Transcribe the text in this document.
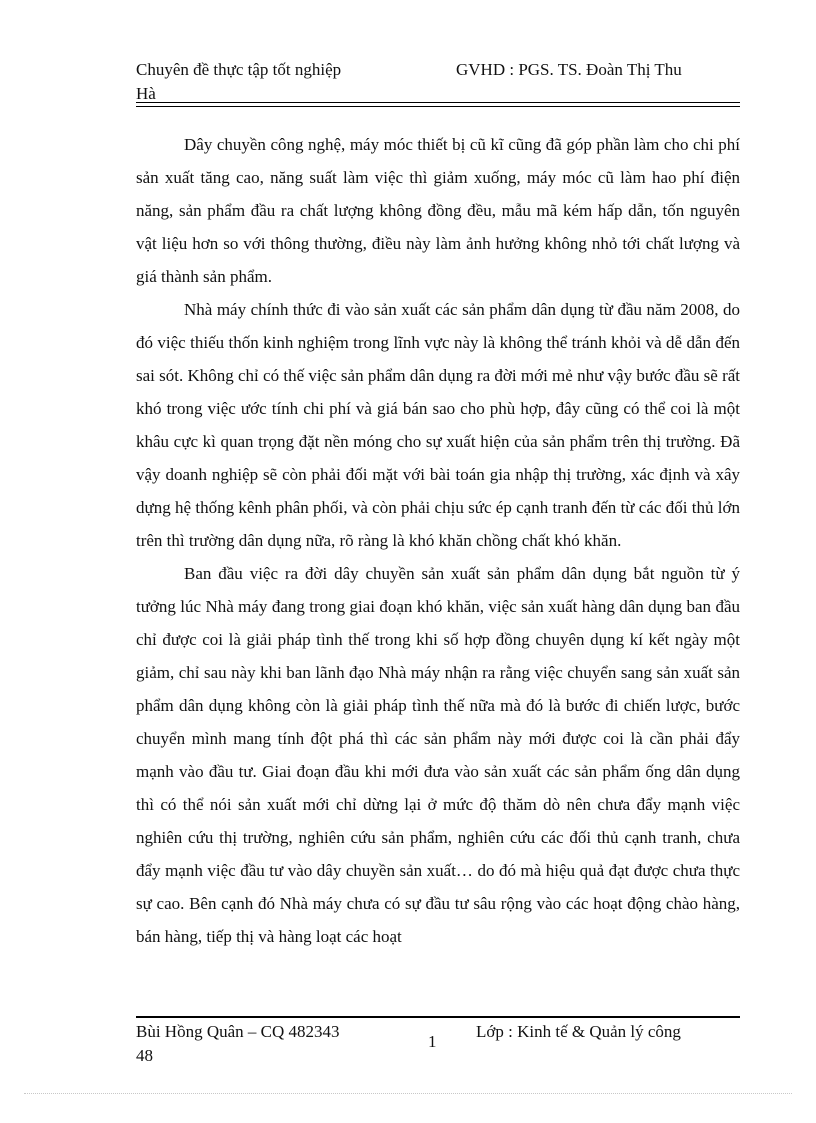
Chuyên đề thực tập tốt nghiệp	GVHD : PGS. TS. Đoàn Thị Thu
Hà

Dây chuyền công nghệ, máy móc thiết bị cũ kĩ cũng đã góp phần làm cho chi phí sản xuất tăng cao, năng suất làm việc thì giảm xuống, máy móc cũ làm hao phí điện năng, sản phẩm đầu ra chất lượng không đồng đều, mẫu mã kém hấp dẫn, tốn nguyên vật liệu hơn so với thông thường, điều này làm ảnh hưởng không nhỏ tới chất lượng và giá thành sản phẩm.

Nhà máy chính thức đi vào sản xuất các sản phẩm dân dụng từ đầu năm 2008, do đó việc thiếu thốn kinh nghiệm trong lĩnh vực này là không thể tránh khỏi và dễ dẫn đến sai sót. Không chỉ có thế việc sản phẩm dân dụng ra đời mới mẻ như vậy bước đầu sẽ rất khó trong việc ước tính chi phí và giá bán sao cho phù hợp, đây cũng có thể coi là một khâu cực kì quan trọng đặt nền móng cho sự xuất hiện của sản phẩm trên thị trường. Đã vậy doanh nghiệp sẽ còn phải đối mặt với bài toán gia nhập thị trường, xác định và xây dựng hệ thống kênh phân phối, và còn phải chịu sức ép cạnh tranh đến từ các đối thủ lớn trên thì trường dân dụng nữa, rõ ràng là khó khăn chồng chất khó khăn.

Ban đầu việc ra đời dây chuyền sản xuất sản phẩm dân dụng bắt nguồn từ ý tưởng lúc Nhà máy đang trong giai đoạn khó khăn, việc sản xuất hàng dân dụng ban đầu chỉ được coi là giải pháp tình thế trong khi số hợp đồng chuyên dụng kí kết ngày một giảm, chỉ sau này khi ban lãnh đạo Nhà máy nhận ra rằng việc chuyển sang sản xuất sản phẩm dân dụng không còn là giải pháp tình thế nữa mà đó là bước đi chiến lược, bước chuyển mình mang tính đột phá thì các sản phẩm này mới được coi là cần phải đẩy mạnh vào đầu tư. Giai đoạn đầu khi mới đưa vào sản xuất các sản phẩm ống dân dụng thì có thể nói sản xuất mới chỉ dừng lại ở mức độ thăm dò nên chưa đẩy mạnh việc nghiên cứu thị trường, nghiên cứu sản phẩm, nghiên cứu các đối thủ cạnh tranh, chưa đẩy mạnh việc đầu tư vào dây chuyền sản xuất… do đó mà hiệu quả đạt được chưa thực sự cao. Bên cạnh đó Nhà máy chưa có sự đầu tư sâu rộng vào các hoạt động chào hàng, bán hàng, tiếp thị và hàng loạt các hoạt

Bùi Hồng Quân – CQ 482343
48
1
Lớp : Kinh tế & Quản lý công
